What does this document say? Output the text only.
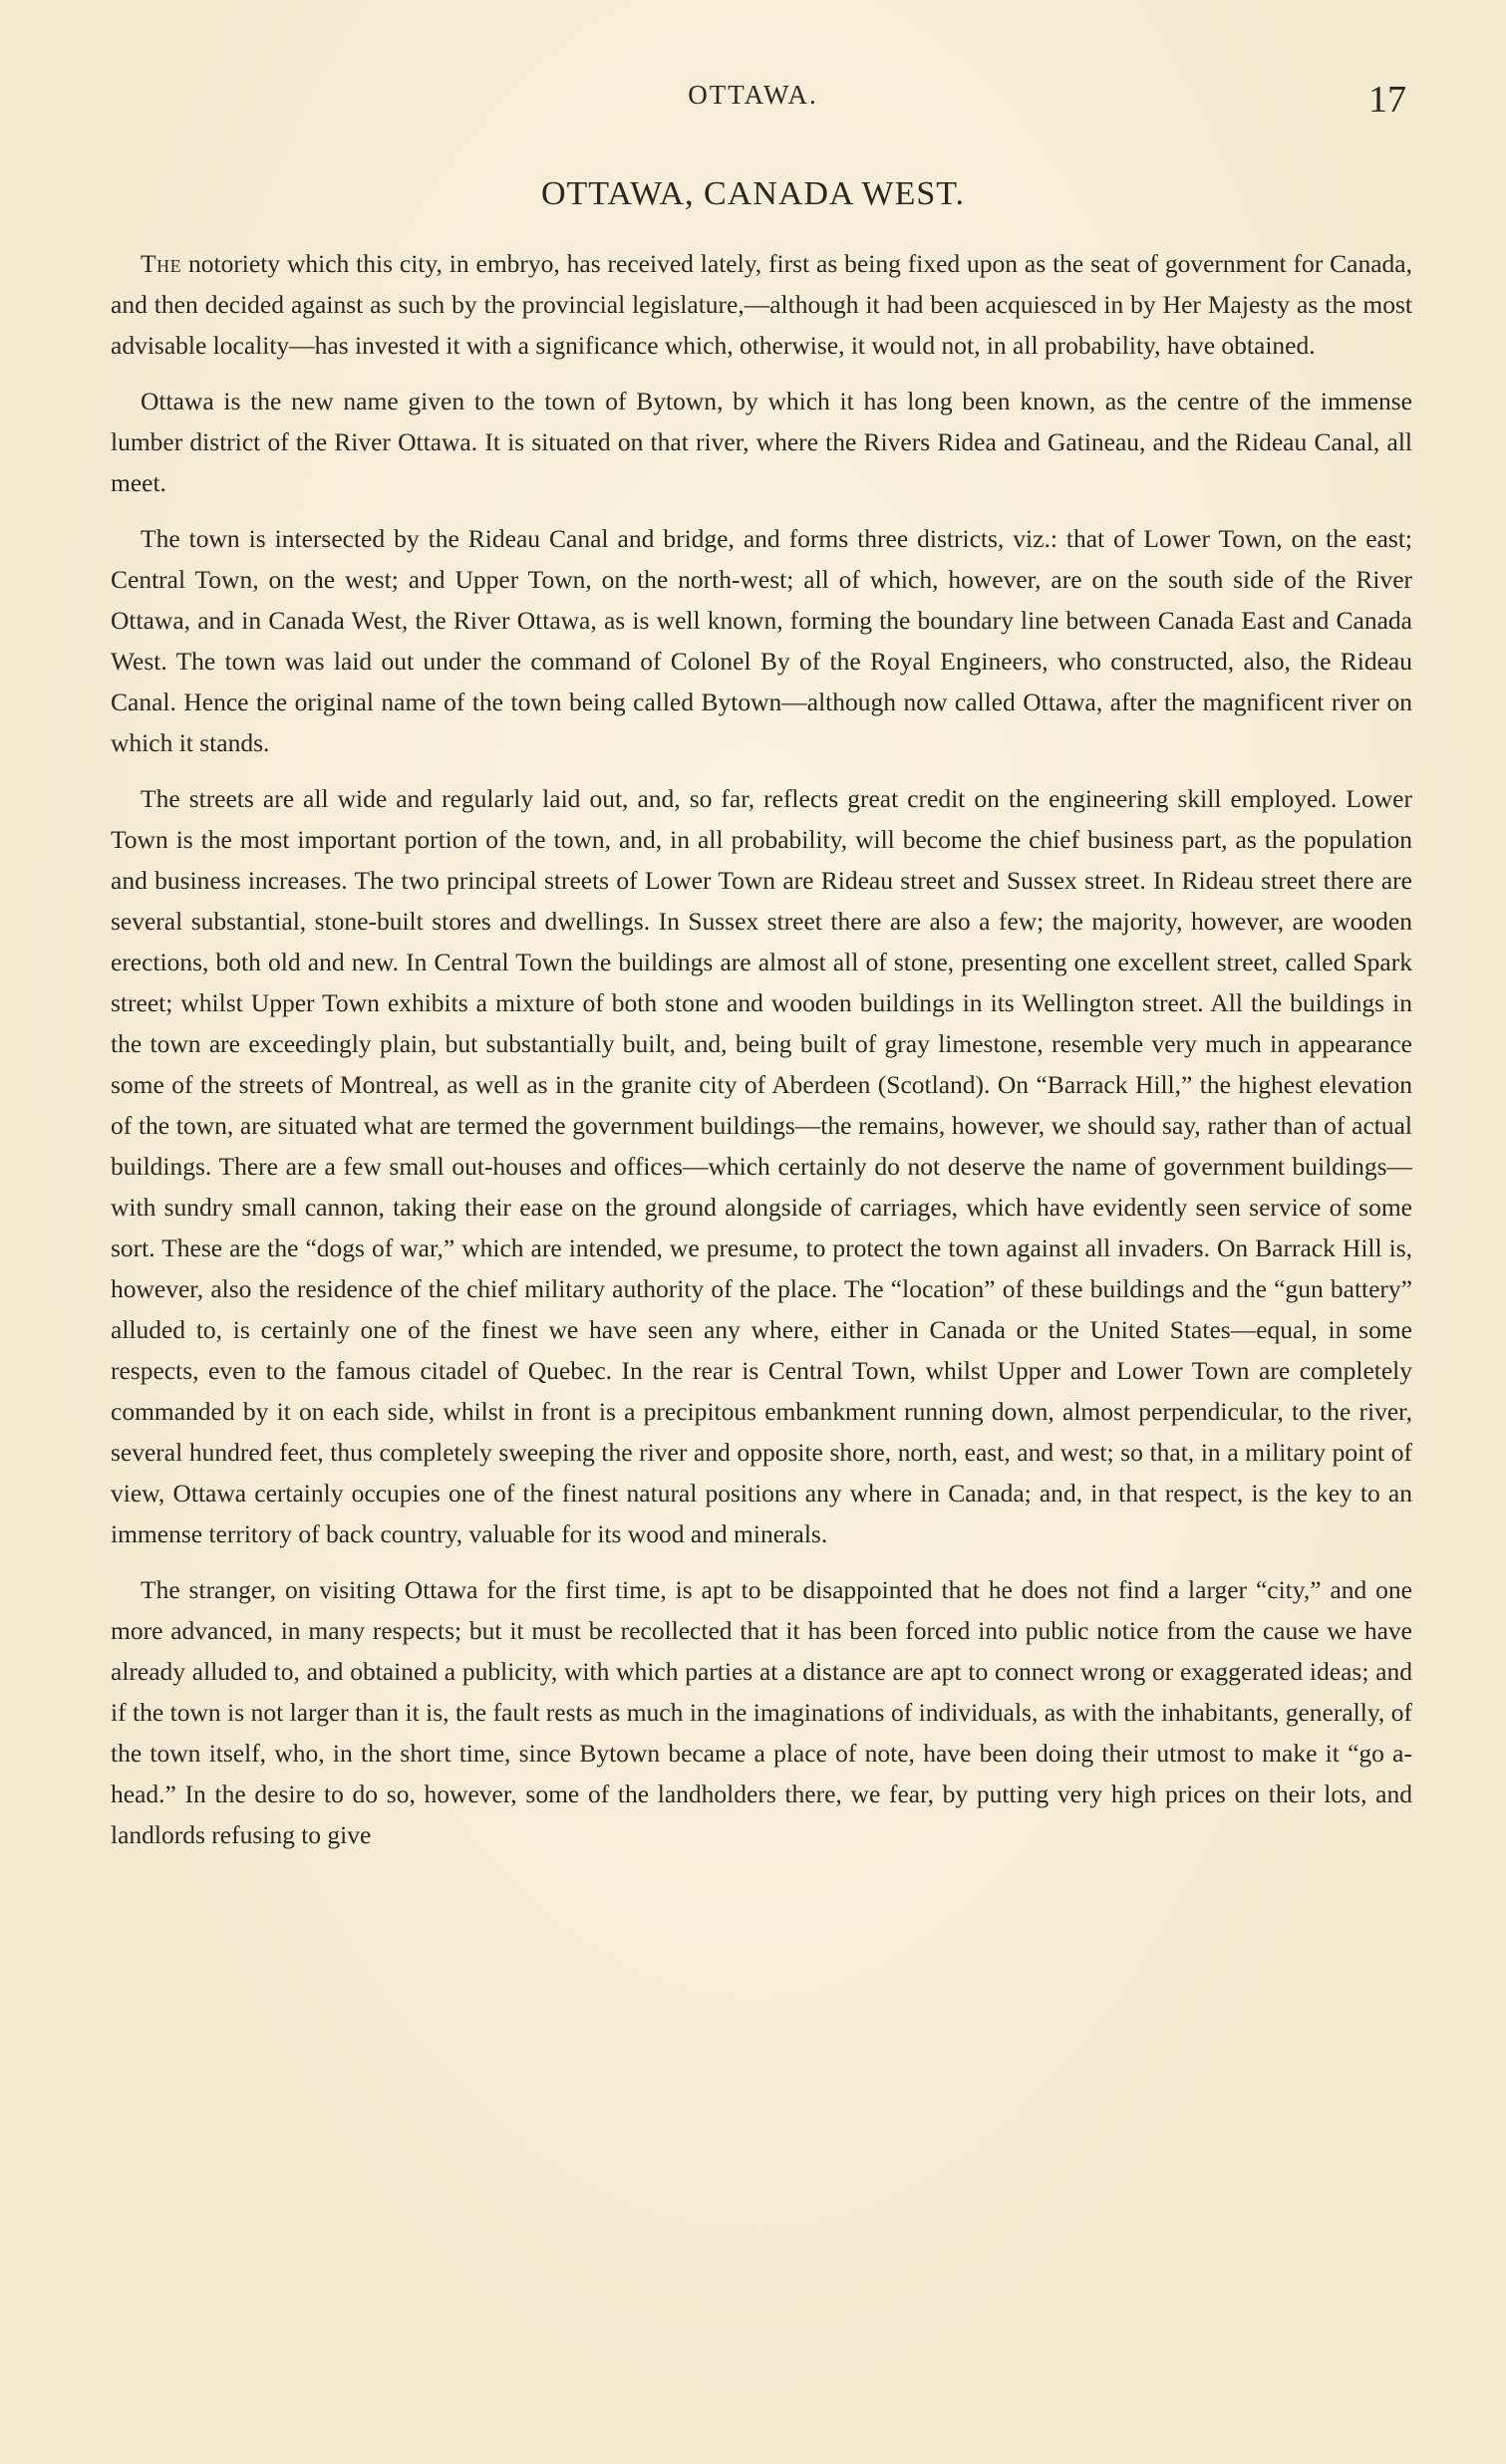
OTTAWA.	17
OTTAWA, CANADA WEST.

The notoriety which this city, in embryo, has received lately, first as being fixed upon as the seat of government for Canada, and then decided against as such by the provincial legislature,—although it had been acquiesced in by Her Majesty as the most advisable locality—has invested it with a significance which, otherwise, it would not, in all probability, have obtained.

Ottawa is the new name given to the town of Bytown, by which it has long been known, as the centre of the immense lumber district of the River Ottawa. It is situated on that river, where the Rivers Ridea and Gatineau, and the Rideau Canal, all meet.

The town is intersected by the Rideau Canal and bridge, and forms three districts, viz.: that of Lower Town, on the east; Central Town, on the west; and Upper Town, on the north-west; all of which, however, are on the south side of the River Ottawa, and in Canada West, the River Ottawa, as is well known, forming the boundary line between Canada East and Canada West. The town was laid out under the command of Colonel By of the Royal Engineers, who constructed, also, the Rideau Canal. Hence the original name of the town being called Bytown—although now called Ottawa, after the magnificent river on which it stands.

The streets are all wide and regularly laid out, and, so far, reflects great credit on the engineering skill employed. Lower Town is the most important portion of the town, and, in all probability, will become the chief business part, as the population and business increases. The two principal streets of Lower Town are Rideau street and Sussex street. In Rideau street there are several substantial, stone-built stores and dwellings. In Sussex street there are also a few; the majority, however, are wooden erections, both old and new. In Central Town the buildings are almost all of stone, presenting one excellent street, called Spark street; whilst Upper Town exhibits a mixture of both stone and wooden buildings in its Wellington street. All the buildings in the town are exceedingly plain, but substantially built, and, being built of gray limestone, resemble very much in appearance some of the streets of Montreal, as well as in the granite city of Aberdeen (Scotland). On “Barrack Hill,” the highest elevation of the town, are situated what are termed the government buildings—the remains, however, we should say, rather than of actual buildings. There are a few small out-houses and offices—which certainly do not deserve the name of government buildings—with sundry small cannon, taking their ease on the ground alongside of carriages, which have evidently seen service of some sort. These are the “dogs of war,” which are intended, we presume, to protect the town against all invaders. On Barrack Hill is, however, also the residence of the chief military authority of the place. The “location” of these buildings and the “gun battery” alluded to, is certainly one of the finest we have seen any where, either in Canada or the United States—equal, in some respects, even to the famous citadel of Quebec. In the rear is Central Town, whilst Upper and Lower Town are completely commanded by it on each side, whilst in front is a precipitous embankment running down, almost perpendicular, to the river, several hundred feet, thus completely sweeping the river and opposite shore, north, east, and west; so that, in a military point of view, Ottawa certainly occupies one of the finest natural positions any where in Canada; and, in that respect, is the key to an immense territory of back country, valuable for its wood and minerals.

The stranger, on visiting Ottawa for the first time, is apt to be disappointed that he does not find a larger “city,” and one more advanced, in many respects; but it must be recollected that it has been forced into public notice from the cause we have already alluded to, and obtained a publicity, with which parties at a distance are apt to connect wrong or exaggerated ideas; and if the town is not larger than it is, the fault rests as much in the imaginations of individuals, as with the inhabitants, generally, of the town itself, who, in the short time, since Bytown became a place of note, have been doing their utmost to make it “go a-head.” In the desire to do so, however, some of the landholders there, we fear, by putting very high prices on their lots, and landlords refusing to give
